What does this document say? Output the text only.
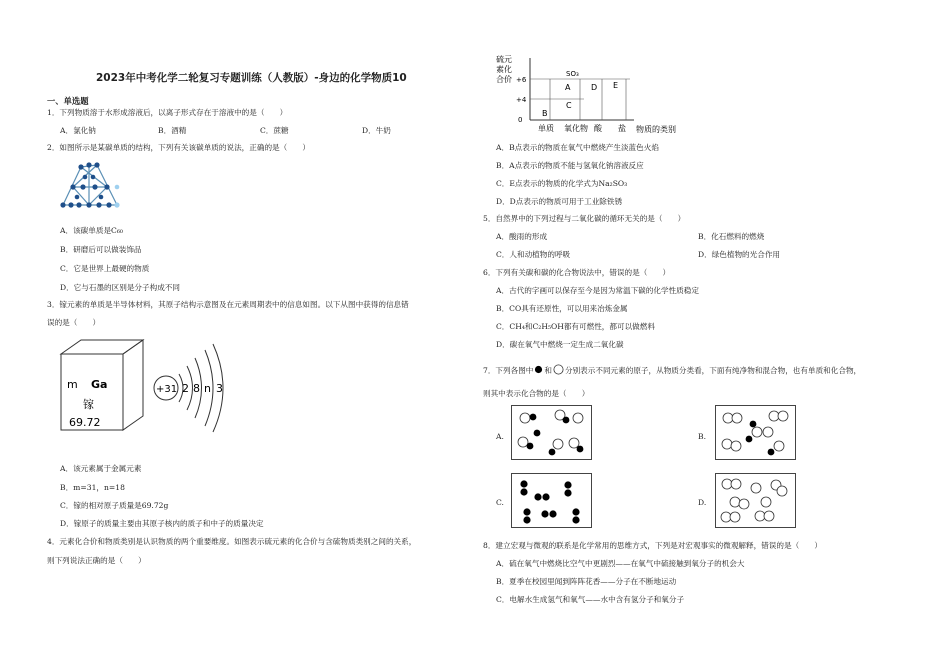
2023年中考化学二轮复习专题训练（人教版）-身边的化学物质10
一、单选题
1．下列物质溶于水形成溶液后，以离子形式存在于溶液中的是（　　）
A．氯化钠	B．酒精	C．蔗糖	D．牛奶
2．如图所示是某碳单质的结构，下列有关该碳单质的说法，正确的是（　　）
A．该碳单质是C₆₀
B．研磨后可以做装饰品
C．它是世界上最硬的物质
D．它与石墨的区别是分子构成不同
3．镓元素的单质是半导体材料，其原子结构示意图及在元素周期表中的信息如图。以下从图中获得的信息错
误的是（　　）
m Ga
镓
69.72
+31 2 8 n 3
A．该元素属于金属元素
B．m=31，n=18
C．镓的相对原子质量是69.72g
D．镓原子的质量主要由其原子核内的质子和中子的质量决定
4．元素化合价和物质类别是认识物质的两个重要维度。如图表示硫元素的化合价与含硫物质类别之间的关系，
则下列说法正确的是（　　）
硫元
素化
合价 +6
+4
0
SO₃
A
B
C
D E
单质 氧化物 酸 盐 物质的类别
A．B点表示的物质在氧气中燃烧产生淡蓝色火焰
B．A点表示的物质不能与氢氧化钠溶液反应
C．E点表示的物质的化学式为Na₂SO₃
D．D点表示的物质可用于工业除铁锈
5．自然界中的下列过程与二氧化碳的循环无关的是（　　）
A．酸雨的形成	B．化石燃料的燃烧
C．人和动植物的呼吸	D．绿色植物的光合作用
6．下列有关碳和碳的化合物说法中，错误的是（　　）
A．古代的字画可以保存至今是因为常温下碳的化学性质稳定
B．CO具有还原性，可以用来冶炼金属
C．CH₄和C₂H₅OH都有可燃性，都可以做燃料
D．碳在氧气中燃烧一定生成二氧化碳
7．下列各图中 和 分别表示不同元素的原子，从物质分类看，下面有纯净物和混合物，也有单质和化合物，
则其中表示化合物的是（　　）
A.	B.
C.	D.
8．建立宏观与微观的联系是化学常用的思维方式，下列是对宏观事实的微观解释，错误的是（　　）
A．硫在氧气中燃烧比空气中更剧烈——在氧气中硫接触到氧分子的机会大
B．夏季在校园里闻到阵阵花香——分子在不断地运动
C．电解水生成氢气和氧气——水中含有氢分子和氧分子
